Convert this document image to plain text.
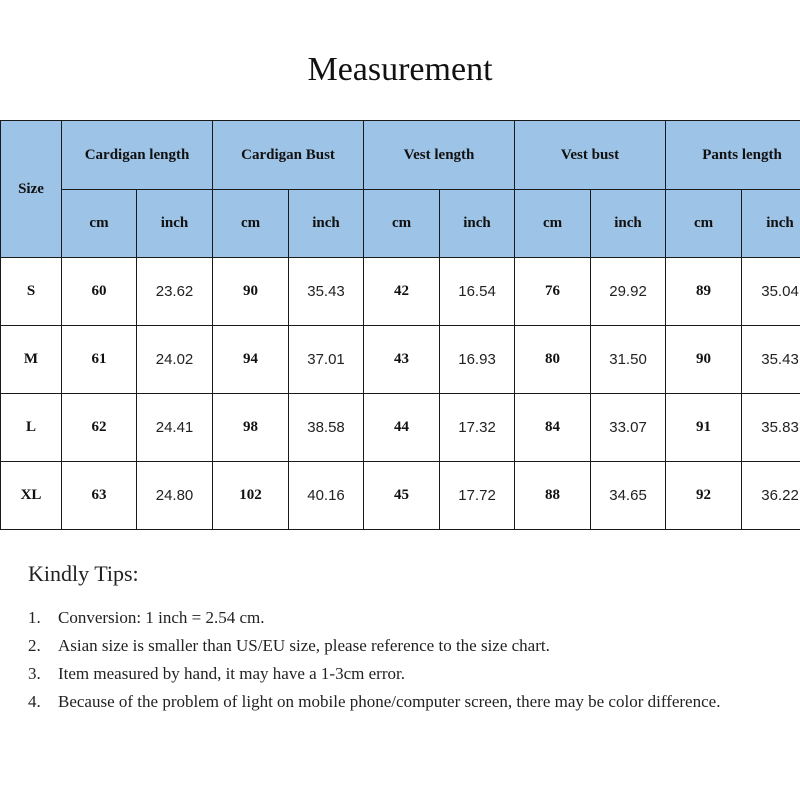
Measurement
Size	Cardigan length		Cardigan Bust		Vest length		Vest bust		Pants length	
	cm	inch	cm	inch	cm	inch	cm	inch	cm	inch
S	60	23.62	90	35.43	42	16.54	76	29.92	89	35.04
M	61	24.02	94	37.01	43	16.93	80	31.50	90	35.43
L	62	24.41	98	38.58	44	17.32	84	33.07	91	35.83
XL	63	24.80	102	40.16	45	17.72	88	34.65	92	36.22
Kindly Tips:
1.	Conversion: 1 inch = 2.54 cm.
2.	Asian size is smaller than US/EU size, please reference to the size chart.
3.	Item measured by hand, it may have a 1-3cm error.
4.	Because of the problem of light on mobile phone/computer screen, there may be color difference.
